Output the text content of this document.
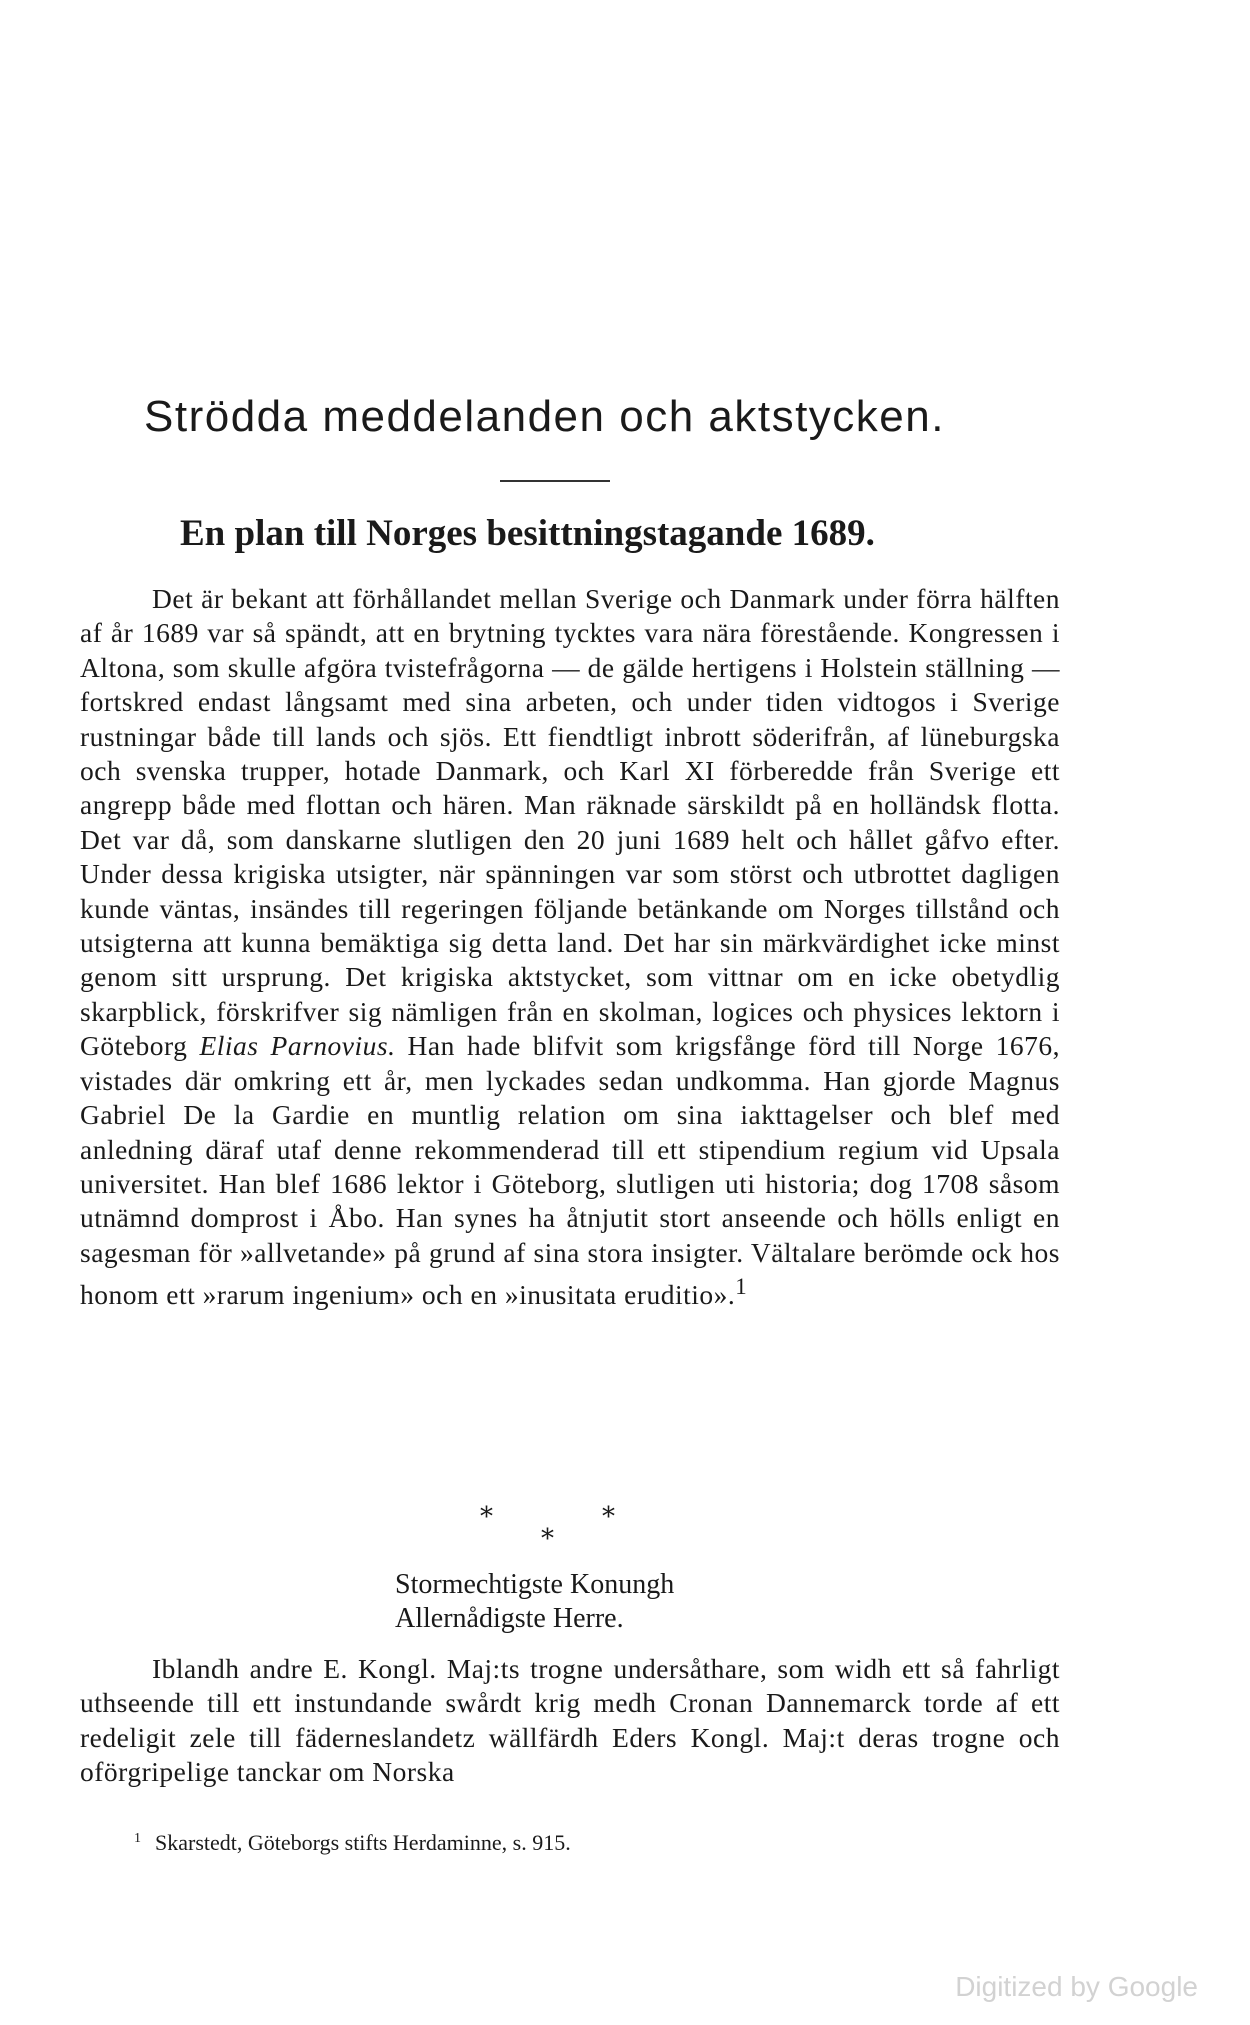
Strödda meddelanden och aktstycken.
En plan till Norges besittningstagande 1689.

Det är bekant att förhållandet mellan Sverige och Danmark under förra hälften af år 1689 var så spändt, att en brytning tycktes vara nära förestående. Kongressen i Altona, som skulle afgöra tvistefrågorna — de gälde hertigens i Holstein ställning — fortskred endast långsamt med sina arbeten, och under tiden vidtogos i Sverige rustningar både till lands och sjös. Ett fiendtligt inbrott söderifrån, af lüneburgska och svenska trupper, hotade Danmark, och Karl XI förberedde från Sverige ett angrepp både med flottan och hären. Man räknade särskildt på en holländsk flotta. Det var då, som danskarne slutligen den 20 juni 1689 helt och hållet gåfvo efter. Under dessa krigiska utsigter, när spänningen var som störst och utbrottet dagligen kunde väntas, insändes till regeringen följande betänkande om Norges tillstånd och utsigterna att kunna bemäktiga sig detta land. Det har sin märkvärdighet icke minst genom sitt ursprung. Det krigiska aktstycket, som vittnar om en icke obetydlig skarpblick, förskrifver sig nämligen från en skolman, logices och physices lektorn i Göteborg Elias Parnovius. Han hade blifvit som krigsfånge förd till Norge 1676, vistades där omkring ett år, men lyckades sedan undkomma. Han gjorde Magnus Gabriel De la Gardie en muntlig relation om sina iakttagelser och blef med anledning däraf utaf denne rekommenderad till ett stipendium regium vid Upsala universitet. Han blef 1686 lektor i Göteborg, slutligen uti historia; dog 1708 såsom utnämnd domprost i Åbo. Han synes ha åtnjutit stort anseende och hölls enligt en sagesman för »allvetande» på grund af sina stora insigter. Vältalare berömde ock hos honom ett »rarum ingenium» och en »inusitata eruditio».$^1$

*	*
*
Stormechtigste Konungh
Allernådigste Herre.

Iblandh andre E. Kongl. Maj:ts trogne undersåthare, som widh ett så fahrligt uthseende till ett instundande swårdt krig medh Cronan Dannemarck torde af ett redeligit zele till fäderneslandetz wällfärdh Eders Kongl. Maj:t deras trogne och oförgripelige tanckar om Norska

$^1$ Skarstedt, Göteborgs stifts Herdaminne, s. 915.
Digitized by Google
